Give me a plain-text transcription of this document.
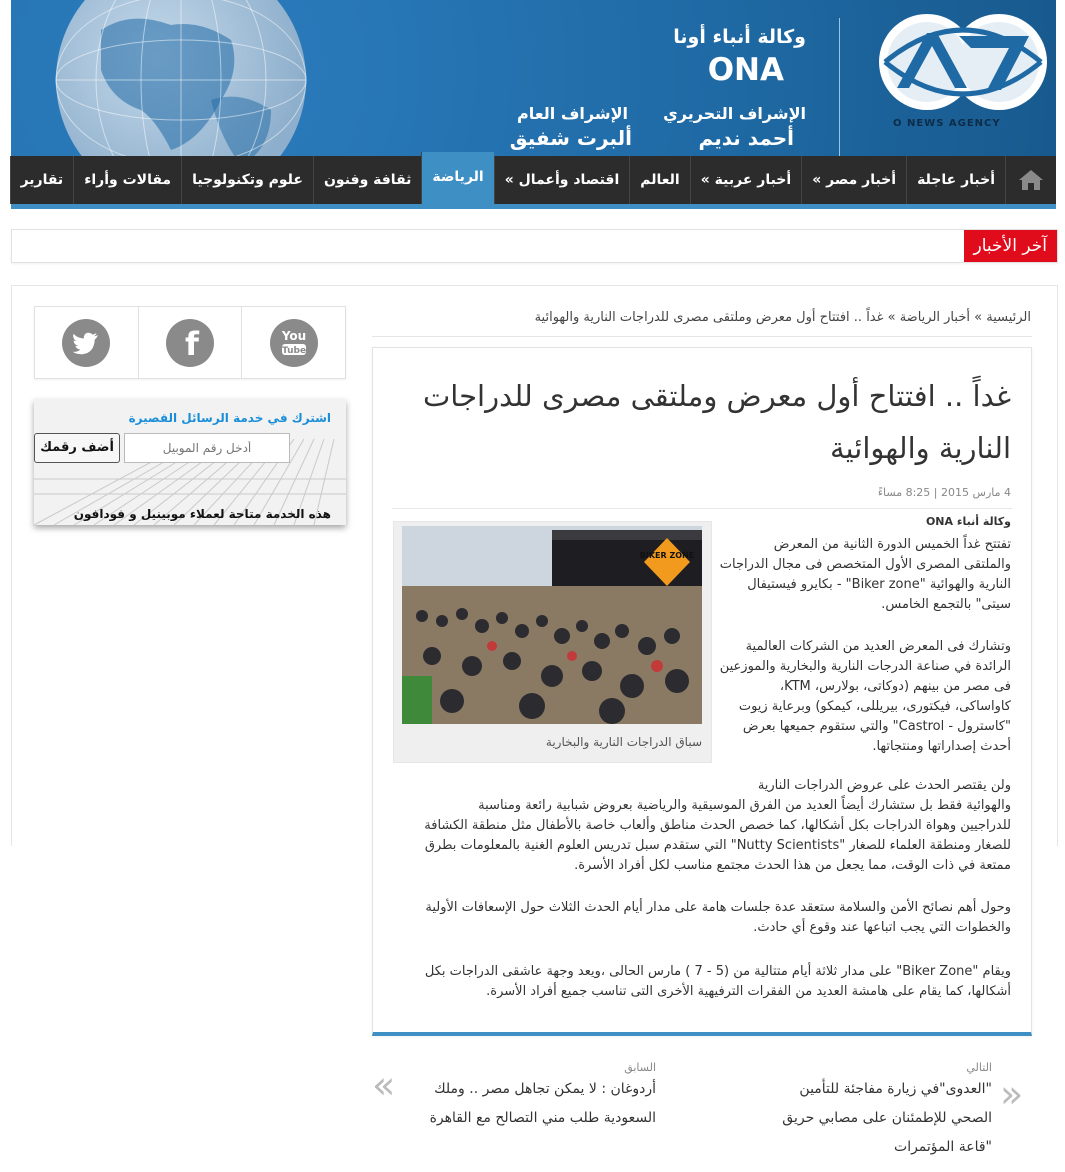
وكالة أنباء أونا
ONA
الإشراف التحريري
أحمد نديم
الإشراف العام
ألبرت شفيق
O NEWS AGENCY
أخبار عاجلة
أخبار مصر »
أخبار عربية »
العالم
اقتصاد وأعمال »
الرياضة
ثقافة وفنون
علوم وتكنولوجيا
مقالات وأراء
تقارير
آخر الأخبار
الرئيسية » أخبار الرياضة » غداً .. افتتاح أول معرض وملتقى مصرى للدراجات النارية والهوائية
غداً .. افتتاح أول معرض وملتقى مصرى للدراجات
النارية والهوائية
4 مارس 2015 | 8:25 مساءً
وكالة أنباء ONA
BIKER ZONE
Free-fire
سباق الدراجات النارية والبخارية
تفتتح غداً الخميس الدورة الثانية من المعرض
والملتقى المصرى الأول المتخصص فى مجال الدراجات
النارية والهوائية "Biker zone" - بكايرو فيستيفال
سيتى" بالتجمع الخامس.
وتشارك فى المعرض العديد من الشركات العالمية
الرائدة في صناعة الدرجات النارية والبخارية والموزعين
فى مصر من بينهم (دوكاتى، بولارس، KTM،
كاواساكى، فيكتورى، بيريللى، كيمكو) وبرعاية زيوت
"كاسترول - Castrol" والتي ستقوم جميعها بعرض
أحدث إصداراتها ومنتجاتها.
ولن يقتصر الحدث على عروض الدراجات النارية
والهوائية فقط بل ستشارك أيضاً العديد من الفرق الموسيقية والرياضية بعروض شبابية رائعة ومناسبة
للدراجيين وهواة الدراجات بكل أشكالها، كما خصص الحدث مناطق وألعاب خاصة بالأطفال مثل منطقة الكشافة
للصغار ومنطقة العلماء للصغار "Nutty Scientists" التي ستقدم سبل تدريس العلوم الغنية بالمعلومات بطرق
ممتعة في ذات الوقت، مما يجعل من هذا الحدث مجتمع مناسب لكل أفراد الأسرة.
وحول أهم نصائح الأمن والسلامة ستعقد عدة جلسات هامة على مدار أيام الحدث الثلاث حول الإسعافات الأولية
والخطوات التي يجب اتباعها عند وقوع أي حادث.
ويقام "Biker Zone" على مدار ثلاثة أيام متتالية من (5 - 7 ) مارس الحالى ،ويعد وجهة عاشقى الدراجات بكل
أشكالها، كما يقام على هامشة العديد من الفقرات الترفيهية الأخرى التى تناسب جميع أفراد الأسرة.
f	You
Tube
اشترك في خدمة الرسائل القصيرة
أدخل رقم الموبيل
أضف رقمك
هذه الخدمة متاحة لعملاء موبينيل و فودافون
التالي
"العدوى"في زيارة مفاجئة للتأمين
الصحي للإطمئنان على مصابي حريق
"قاعة المؤتمرات
»
السابق
أردوغان : لا يمكن تجاهل مصر .. وملك
السعودية طلب مني التصالح مع القاهرة
«
